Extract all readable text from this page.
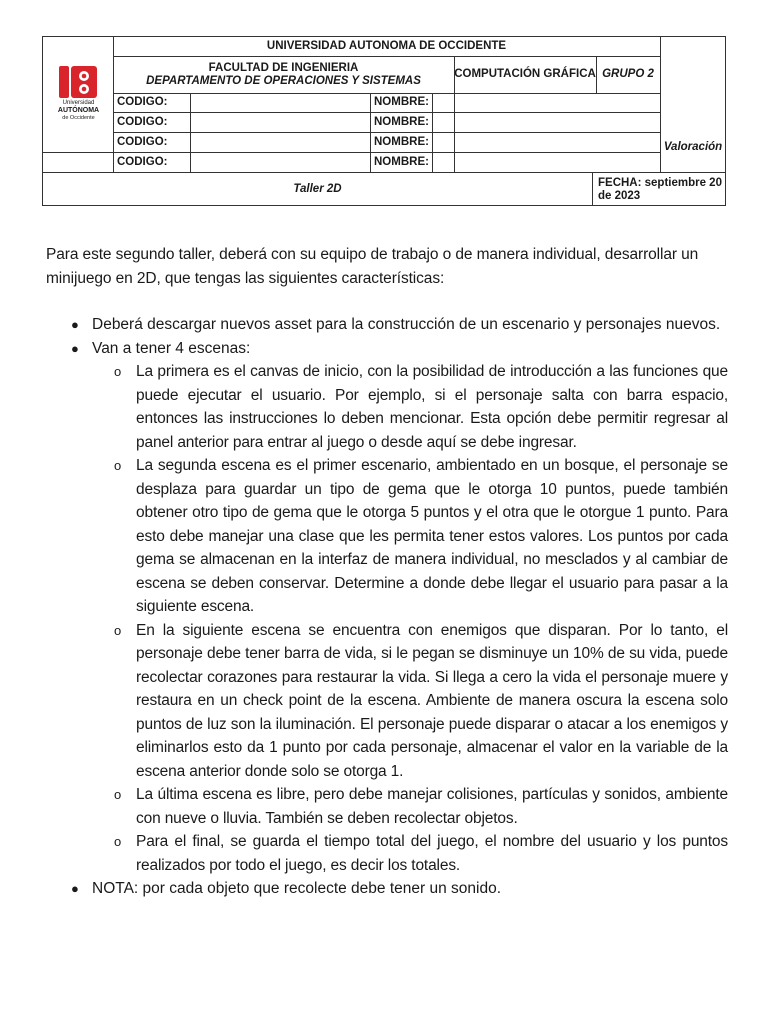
Universidad
AUTÓNOMA
de Occidente
UNIVERSIDAD AUTONOMA DE OCCIDENTE
FACULTAD DE INGENIERIA
DEPARTAMENTO DE OPERACIONES Y SISTEMAS
COMPUTACIÓN GRÁFICA GRUPO 2
CODIGO:	NOMBRE:
CODIGO:	NOMBRE:
CODIGO:	NOMBRE:
CODIGO:	NOMBRE:
Valoración
Taller 2D	FECHA: septiembre 20
de 2023

Para este segundo taller, deberá con su equipo de trabajo o de manera individual, desarrollar un minijuego en 2D, que tengas las siguientes características:

● Deberá descargar nuevos asset para la construcción de un escenario y personajes nuevos.
● Van a tener 4 escenas:
o La primera es el canvas de inicio, con la posibilidad de introducción a las funciones que puede ejecutar el usuario. Por ejemplo, si el personaje salta con barra espacio, entonces las instrucciones lo deben mencionar. Esta opción debe permitir regresar al panel anterior para entrar al juego o desde aquí se debe ingresar.
o La segunda escena es el primer escenario, ambientado en un bosque, el personaje se desplaza para guardar un tipo de gema que le otorga 10 puntos, puede también obtener otro tipo de gema que le otorga 5 puntos y el otra que le otorgue 1 punto. Para esto debe manejar una clase que les permita tener estos valores. Los puntos por cada gema se almacenan en la interfaz de manera individual, no mesclados y al cambiar de escena se deben conservar. Determine a donde debe llegar el usuario para pasar a la siguiente escena.
o En la siguiente escena se encuentra con enemigos que disparan. Por lo tanto, el personaje debe tener barra de vida, si le pegan se disminuye un 10% de su vida, puede recolectar corazones para restaurar la vida. Si llega a cero la vida el personaje muere y restaura en un check point de la escena. Ambiente de manera oscura la escena solo puntos de luz son la iluminación. El personaje puede disparar o atacar a los enemigos y eliminarlos esto da 1 punto por cada personaje, almacenar el valor en la variable de la escena anterior donde solo se otorga 1.
o La última escena es libre, pero debe manejar colisiones, partículas y sonidos, ambiente con nueve o lluvia. También se deben recolectar objetos.
o Para el final, se guarda el tiempo total del juego, el nombre del usuario y los puntos realizados por todo el juego, es decir los totales.
● NOTA: por cada objeto que recolecte debe tener un sonido.
